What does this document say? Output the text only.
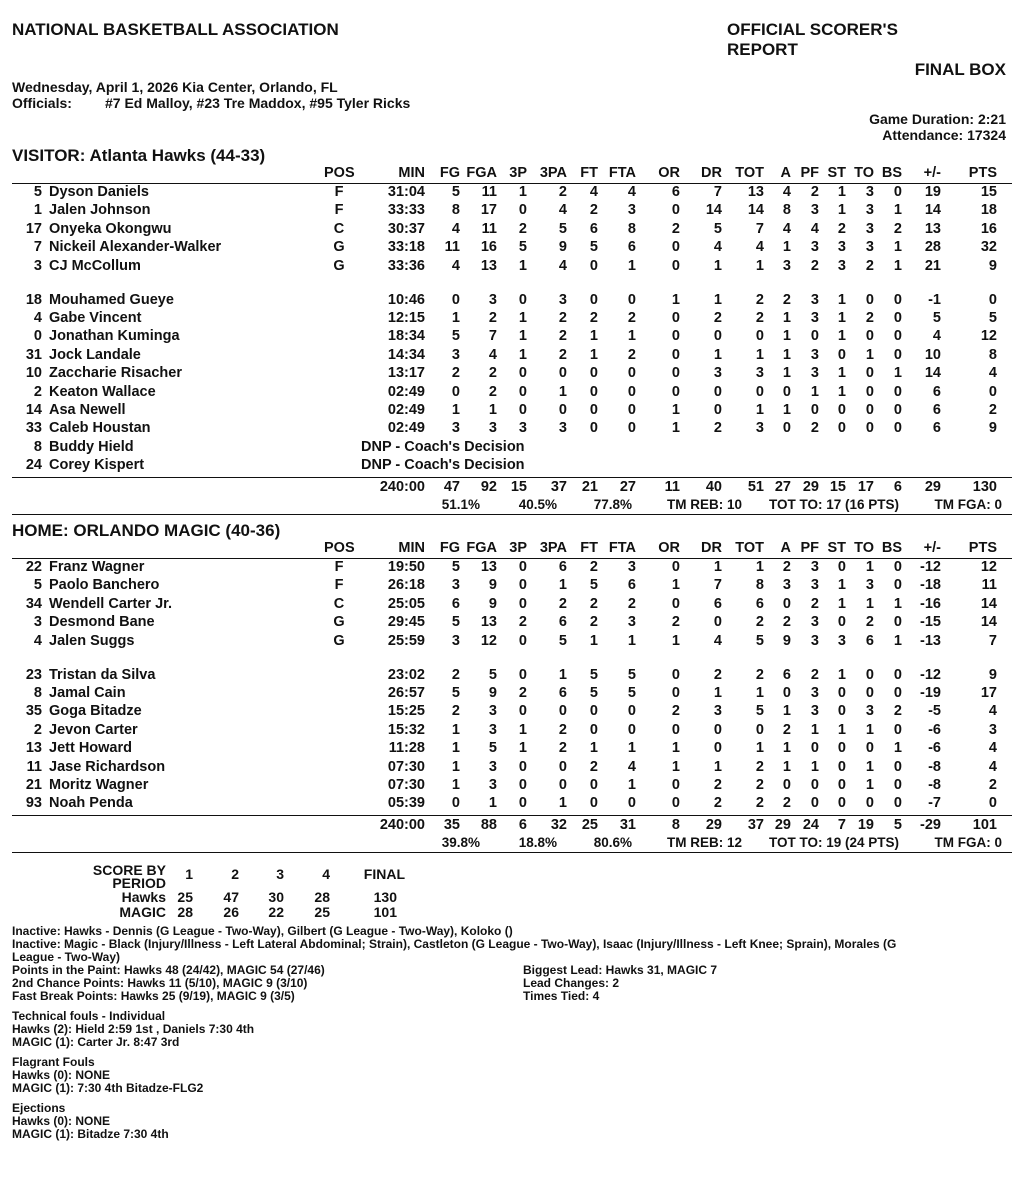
NATIONAL BASKETBALL ASSOCIATION	OFFICIAL SCORER'S
REPORT
FINAL BOX
Wednesday, April 1, 2026 Kia Center, Orlando, FL
Officials: #7 Ed Malloy, #23 Tre Maddox, #95 Tyler Ricks
Game Duration: 2:21
Attendance: 17324
VISITOR: Atlanta Hawks (44-33)
POS	MIN FG FGA 3P 3PA FT FTA OR DR TOT A PF ST TO BS +/- PTS
5 Dyson Daniels	F	31:04 5 11 1 2 4 4 6 7 13 4 2 1 3 0 19	15
1 Jalen Johnson	F	33:33 8 17 0 4 2 3 0 14 14 8 3 1 3 1 14	18
17 Onyeka Okongwu	C	30:37 4 11 2 5 6 8 2 5 7 4 4 2 3 2 13	16
7 Nickeil Alexander-Walker	G	33:18 11 16 5 9 5 6 0 4 4 1 3 3 3 1 28	32
3 CJ McCollum	G	33:36 4 13 1 4 0 1 0 1 1 3 2 3 2 1 21	9
18 Mouhamed Gueye	10:46 0 3 0 3 0 0 1 1 2 2 3 1 0 0 -1	0
4 Gabe Vincent	12:15 1 2 1 2 2 2 0 2 2 1 3 1 2 0 5	5
0 Jonathan Kuminga	18:34 5 7 1 2 1 1 0 0 0 1 0 1 0 0 4	12
31 Jock Landale	14:34 3 4 1 2 1 2 0 1 1 1 3 0 1 0 10	8
10 Zaccharie Risacher	13:17 2 2 0 0 0 0 0 3 3 1 3 1 0 1 14	4
2 Keaton Wallace	02:49 0 2 0 1 0 0 0 0 0 0 1 1 0 0 6	0
14 Asa Newell	02:49 1 1 0 0 0 0 1 0 1 1 0 0 0 0 6	2
33 Caleb Houstan	02:49 3 3 3 3 0 0 1 2 3 0 2 0 0 0 6	9
8 Buddy Hield	DNP - Coach's Decision
24 Corey Kispert	DNP - Coach's Decision
240:00 47 92 15 37 21 27 11 40 51 27 29 15 17 6 29 130
51.1%	40.5%	77.8%	TM REB: 10 TOT TO: 17 (16 PTS)	TM FGA: 0
HOME: ORLANDO MAGIC (40-36)
POS	MIN FG FGA 3P 3PA FT FTA OR DR TOT A PF ST TO BS +/- PTS
22 Franz Wagner	F	19:50 5 13 0 6 2 3 0 1 1 2 3 0 1 0 -12	12
5 Paolo Banchero	F	26:18 3 9 0 1 5 6 1 7 8 3 3 1 3 0 -18	11
34 Wendell Carter Jr.	C	25:05 6 9 0 2 2 2 0 6 6 0 2 1 1 1 -16	14
3 Desmond Bane	G	29:45 5 13 2 6 2 3 2 0 2 2 3 0 2 0 -15	14
4 Jalen Suggs	G	25:59 3 12 0 5 1 1 1 4 5 9 3 3 6 1 -13	7
23 Tristan da Silva	23:02 2 5 0 1 5 5 0 2 2 6 2 1 0 0 -12	9
8 Jamal Cain	26:57 5 9 2 6 5 5 0 1 1 0 3 0 0 0 -19	17
35 Goga Bitadze	15:25 2 3 0 0 0 0 2 3 5 1 3 0 3 2 -5	4
2 Jevon Carter	15:32 1 3 1 2 0 0 0 0 0 2 1 1 1 0 -6	3
13 Jett Howard	11:28 1 5 1 2 1 1 1 0 1 1 0 0 0 1 -6	4
11 Jase Richardson	07:30 1 3 0 0 2 4 1 1 2 1 1 0 1 0 -8	4
21 Moritz Wagner	07:30 1 3 0 0 0 1 0 2 2 0 0 0 1 0 -8	2
93 Noah Penda	05:39 0 1 0 1 0 0 0 2 2 2 0 0 0 0 -7	0
240:00 35 88 6 32 25 31 8 29 37 29 24 7 19 5 -29 101
39.8%	18.8%	80.6%	TM REB: 12 TOT TO: 19 (24 PTS)	TM FGA: 0
SCORE BY
PERIOD
1	2	3	4	FINAL
Hawks 25	47	30	28	130
MAGIC 28	26	22	25	101
Inactive: Hawks - Dennis (G League - Two-Way), Gilbert (G League - Two-Way), Koloko ()
Inactive: Magic - Black (Injury/Illness - Left Lateral Abdominal; Strain), Castleton (G League - Two-Way), Isaac (Injury/Illness - Left Knee; Sprain), Morales (G
League - Two-Way)
Points in the Paint: Hawks 48 (24/42), MAGIC 54 (27/46)
2nd Chance Points: Hawks 11 (5/10), MAGIC 9 (3/10)
Fast Break Points: Hawks 25 (9/19), MAGIC 9 (3/5)
Technical fouls - Individual
Hawks (2): Hield 2:59 1st , Daniels 7:30 4th
MAGIC (1): Carter Jr. 8:47 3rd
Flagrant Fouls
Hawks (0): NONE
MAGIC (1): 7:30 4th Bitadze-FLG2
Ejections
Hawks (0): NONE
MAGIC (1): Bitadze 7:30 4th
Biggest Lead: Hawks 31, MAGIC 7
Lead Changes: 2
Times Tied: 4
